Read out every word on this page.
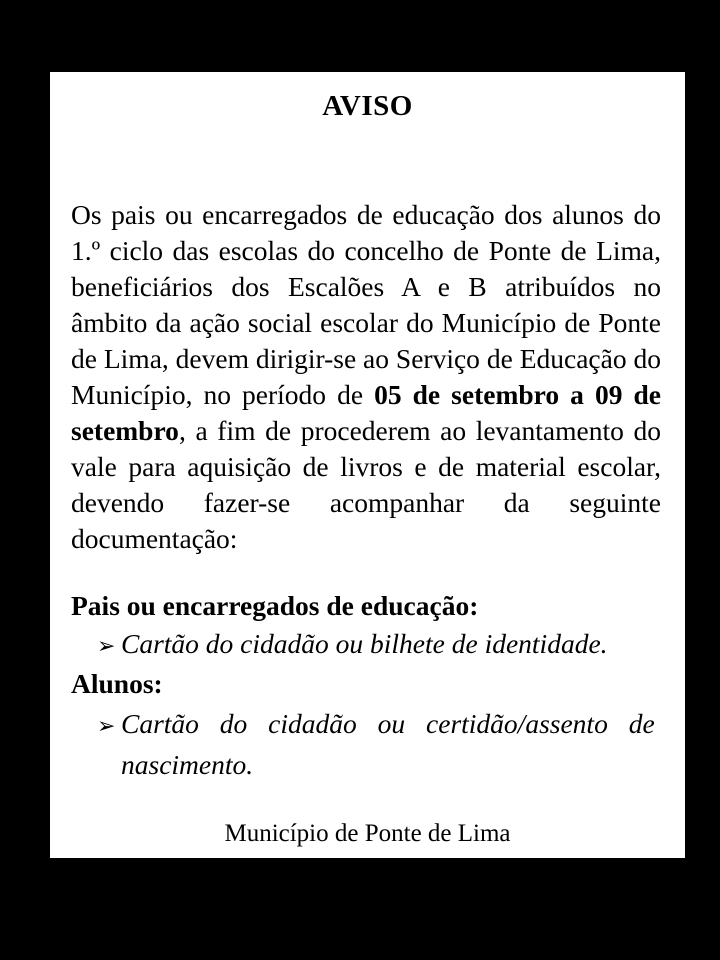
AVISO
Os pais ou encarregados de educação dos alunos do 1.º ciclo das escolas do concelho de Ponte de Lima, beneficiários dos Escalões A e B atribuídos no âmbito da ação social escolar do Município de Ponte de Lima, devem dirigir-se ao Serviço de Educação do Município, no período de 05 de setembro a 09 de setembro, a fim de procederem ao levantamento do vale para aquisição de livros e de material escolar, devendo fazer-se acompanhar da seguinte documentação:
Pais ou encarregados de educação:
➢ Cartão do cidadão ou bilhete de identidade.
Alunos:
➢ Cartão do cidadão ou certidão/assento de
nascimento.
Município de Ponte de Lima
